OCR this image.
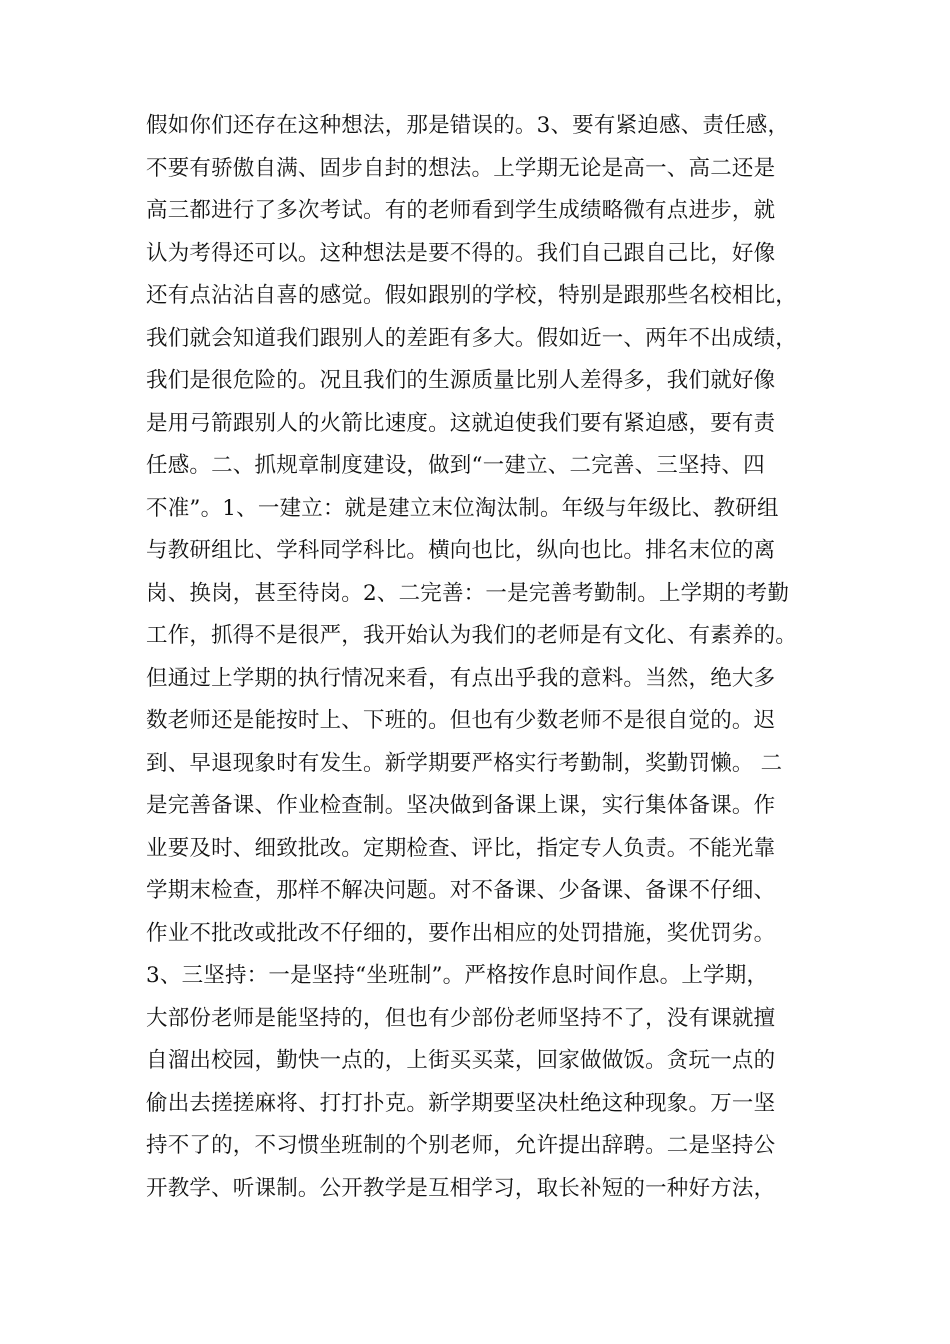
假如你们还存在这种想法，那是错误的。3、要有紧迫感、责任感，
不要有骄傲自满、固步自封的想法。上学期无论是高一、高二还是
高三都进行了多次考试。有的老师看到学生成绩略微有点进步，就
认为考得还可以。这种想法是要不得的。我们自己跟自己比，好像
还有点沾沾自喜的感觉。假如跟别的学校，特别是跟那些名校相比，
我们就会知道我们跟别人的差距有多大。假如近一、两年不出成绩，
我们是很危险的。况且我们的生源质量比别人差得多，我们就好像
是用弓箭跟别人的火箭比速度。这就迫使我们要有紧迫感，要有责
任感。二、抓规章制度建设，做到“一建立、二完善、三坚持、四
不准”。1、一建立：就是建立末位淘汰制。年级与年级比、教研组
与教研组比、学科同学科比。横向也比，纵向也比。排名末位的离
岗、换岗，甚至待岗。2、二完善：一是完善考勤制。上学期的考勤
工作，抓得不是很严，我开始认为我们的老师是有文化、有素养的。
但通过上学期的执行情况来看，有点出乎我的意料。当然，绝大多
数老师还是能按时上、下班的。但也有少数老师不是很自觉的。迟
到、早退现象时有发生。新学期要严格实行考勤制，奖勤罚懒。 二
是完善备课、作业检查制。坚决做到备课上课，实行集体备课。作
业要及时、细致批改。定期检查、评比，指定专人负责。不能光靠
学期末检查，那样不解决问题。对不备课、少备课、备课不仔细、
作业不批改或批改不仔细的，要作出相应的处罚措施，奖优罚劣。
3、三坚持：一是坚持“坐班制”。严格按作息时间作息。上学期，
大部份老师是能坚持的，但也有少部份老师坚持不了，没有课就擅
自溜出校园，勤快一点的，上街买买菜，回家做做饭。贪玩一点的
偷出去搓搓麻将、打打扑克。新学期要坚决杜绝这种现象。万一坚
持不了的，不习惯坐班制的个别老师，允许提出辞聘。二是坚持公
开教学、听课制。公开教学是互相学习，取长补短的一种好方法，
